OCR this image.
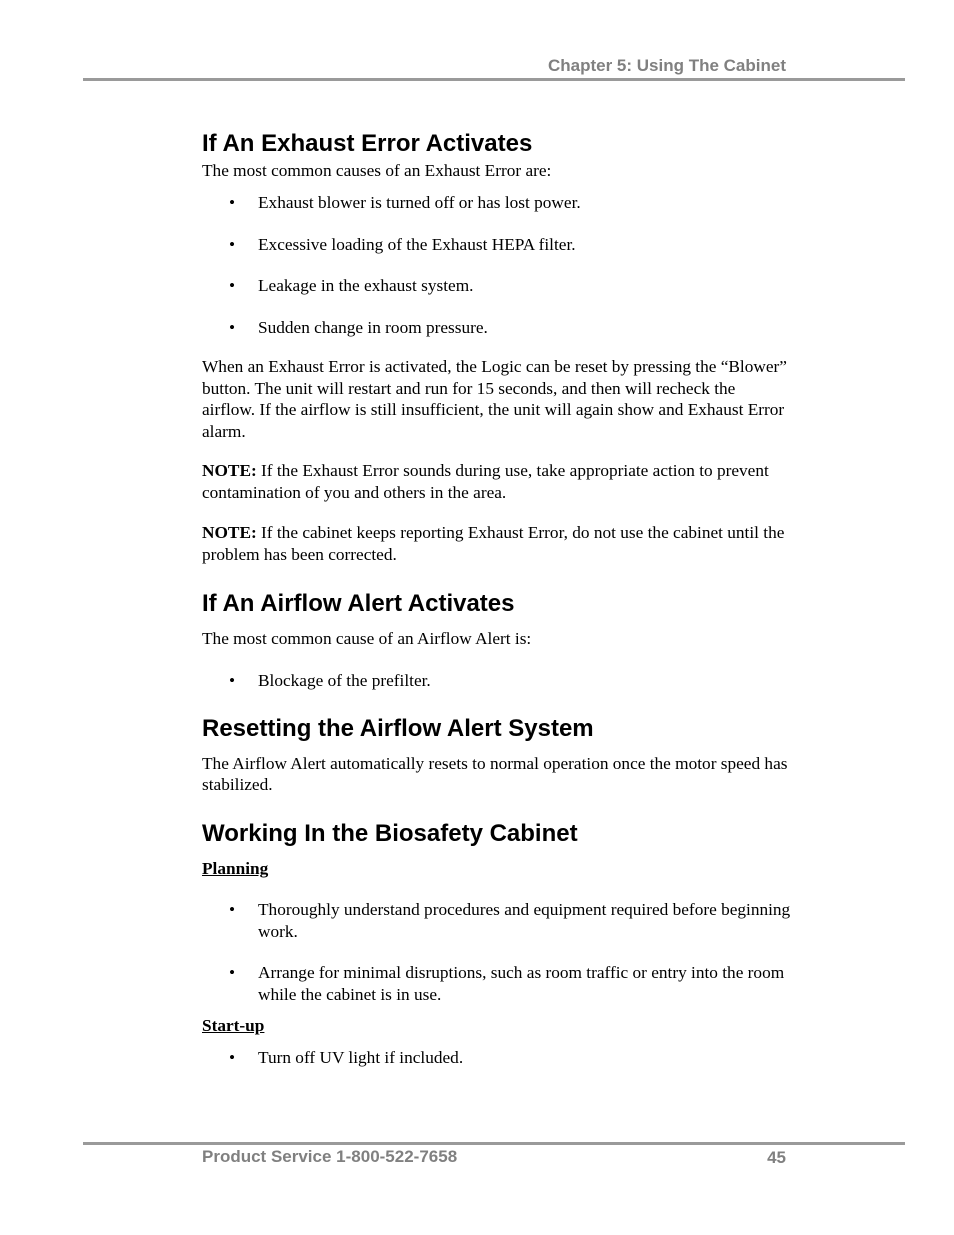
Chapter 5: Using The Cabinet
If An Exhaust Error Activates

The most common causes of an Exhaust Error are:

• Exhaust blower is turned off or has lost power.
• Excessive loading of the Exhaust HEPA filter.
• Leakage in the exhaust system.
• Sudden change in room pressure.

When an Exhaust Error is activated, the Logic can be reset by pressing the “Blower” button. The unit will restart and run for 15 seconds, and then will recheck the airflow. If the airflow is still insufficient, the unit will again show and Exhaust Error alarm.

NOTE: If the Exhaust Error sounds during use, take appropriate action to prevent contamination of you and others in the area.

NOTE: If the cabinet keeps reporting Exhaust Error, do not use the cabinet until the problem has been corrected.

If An Airflow Alert Activates

The most common cause of an Airflow Alert is:

• Blockage of the prefilter.
Resetting the Airflow Alert System

The Airflow Alert automatically resets to normal operation once the motor speed has stabilized.

Working In the Biosafety Cabinet

Planning

• Thoroughly understand procedures and equipment required before beginning work.
• Arrange for minimal disruptions, such as room traffic or entry into the room while the cabinet is in use.

Start-up

• Turn off UV light if included.
Product Service 1-800-522-7658	45
